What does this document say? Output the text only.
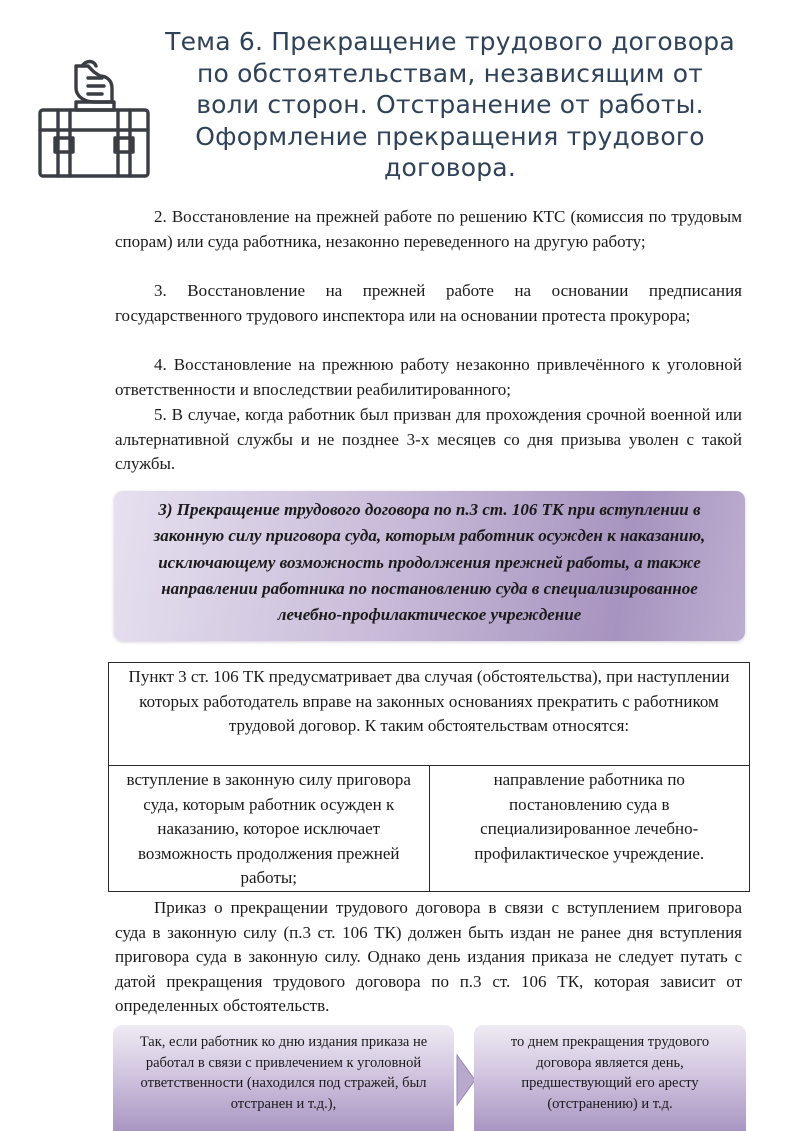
Тема 6. Прекращение трудового договора
по обстоятельствам, независящим от
воли сторон. Отстранение от работы.
Оформление прекращения трудового
договора.

2. Восстановление на прежней работе по решению КТС (комиссия по трудовым спорам) или суда работника, незаконно переведенного на другую работу;

3. Восстановление на прежней работе на основании предписания государственного трудового инспектора или на основании протеста прокурора;

4. Восстановление на прежнюю работу незаконно привлечённого к уголовной ответственности и впоследствии реабилитированного;

5. В случае, когда работник был призван для прохождения срочной военной или альтернативной службы и не позднее 3-х месяцев со дня призыва уволен с такой службы.

3) Прекращение трудового договора по п.3 ст. 106 ТК при вступлении в законную силу приговора суда, которым работник осужден к наказанию, исключающему возможность продолжения прежней работы, а также направлении работника по постановлению суда в специализированное лечебно-профилактическое учреждение

Пункт 3 ст. 106 ТК предусматривает два случая (обстоятельства), при наступлении которых работодатель вправе на законных основаниях прекратить с работником трудовой договор. К таким обстоятельствам относятся:
вступление в законную силу приговора суда, которым работник осужден к наказанию, которое исключает возможность продолжения прежней работы;	направление работника по постановлению суда в специализированное лечебно-профилактическое учреждение.

Приказ о прекращении трудового договора в связи с вступлением приговора суда в законную силу (п.3 ст. 106 ТК) должен быть издан не ранее дня вступления приговора суда в законную силу. Однако день издания приказа не следует путать с датой прекращения трудового договора по п.3 ст. 106 ТК, которая зависит от определенных обстоятельств.

Так, если работник ко дню издания приказа не работал в связи с привлечением к уголовной ответственности (находился под стражей, был отстранен и т.д.),

то днем прекращения трудового договора является день, предшествующий его аресту (отстранению) и т.д.
